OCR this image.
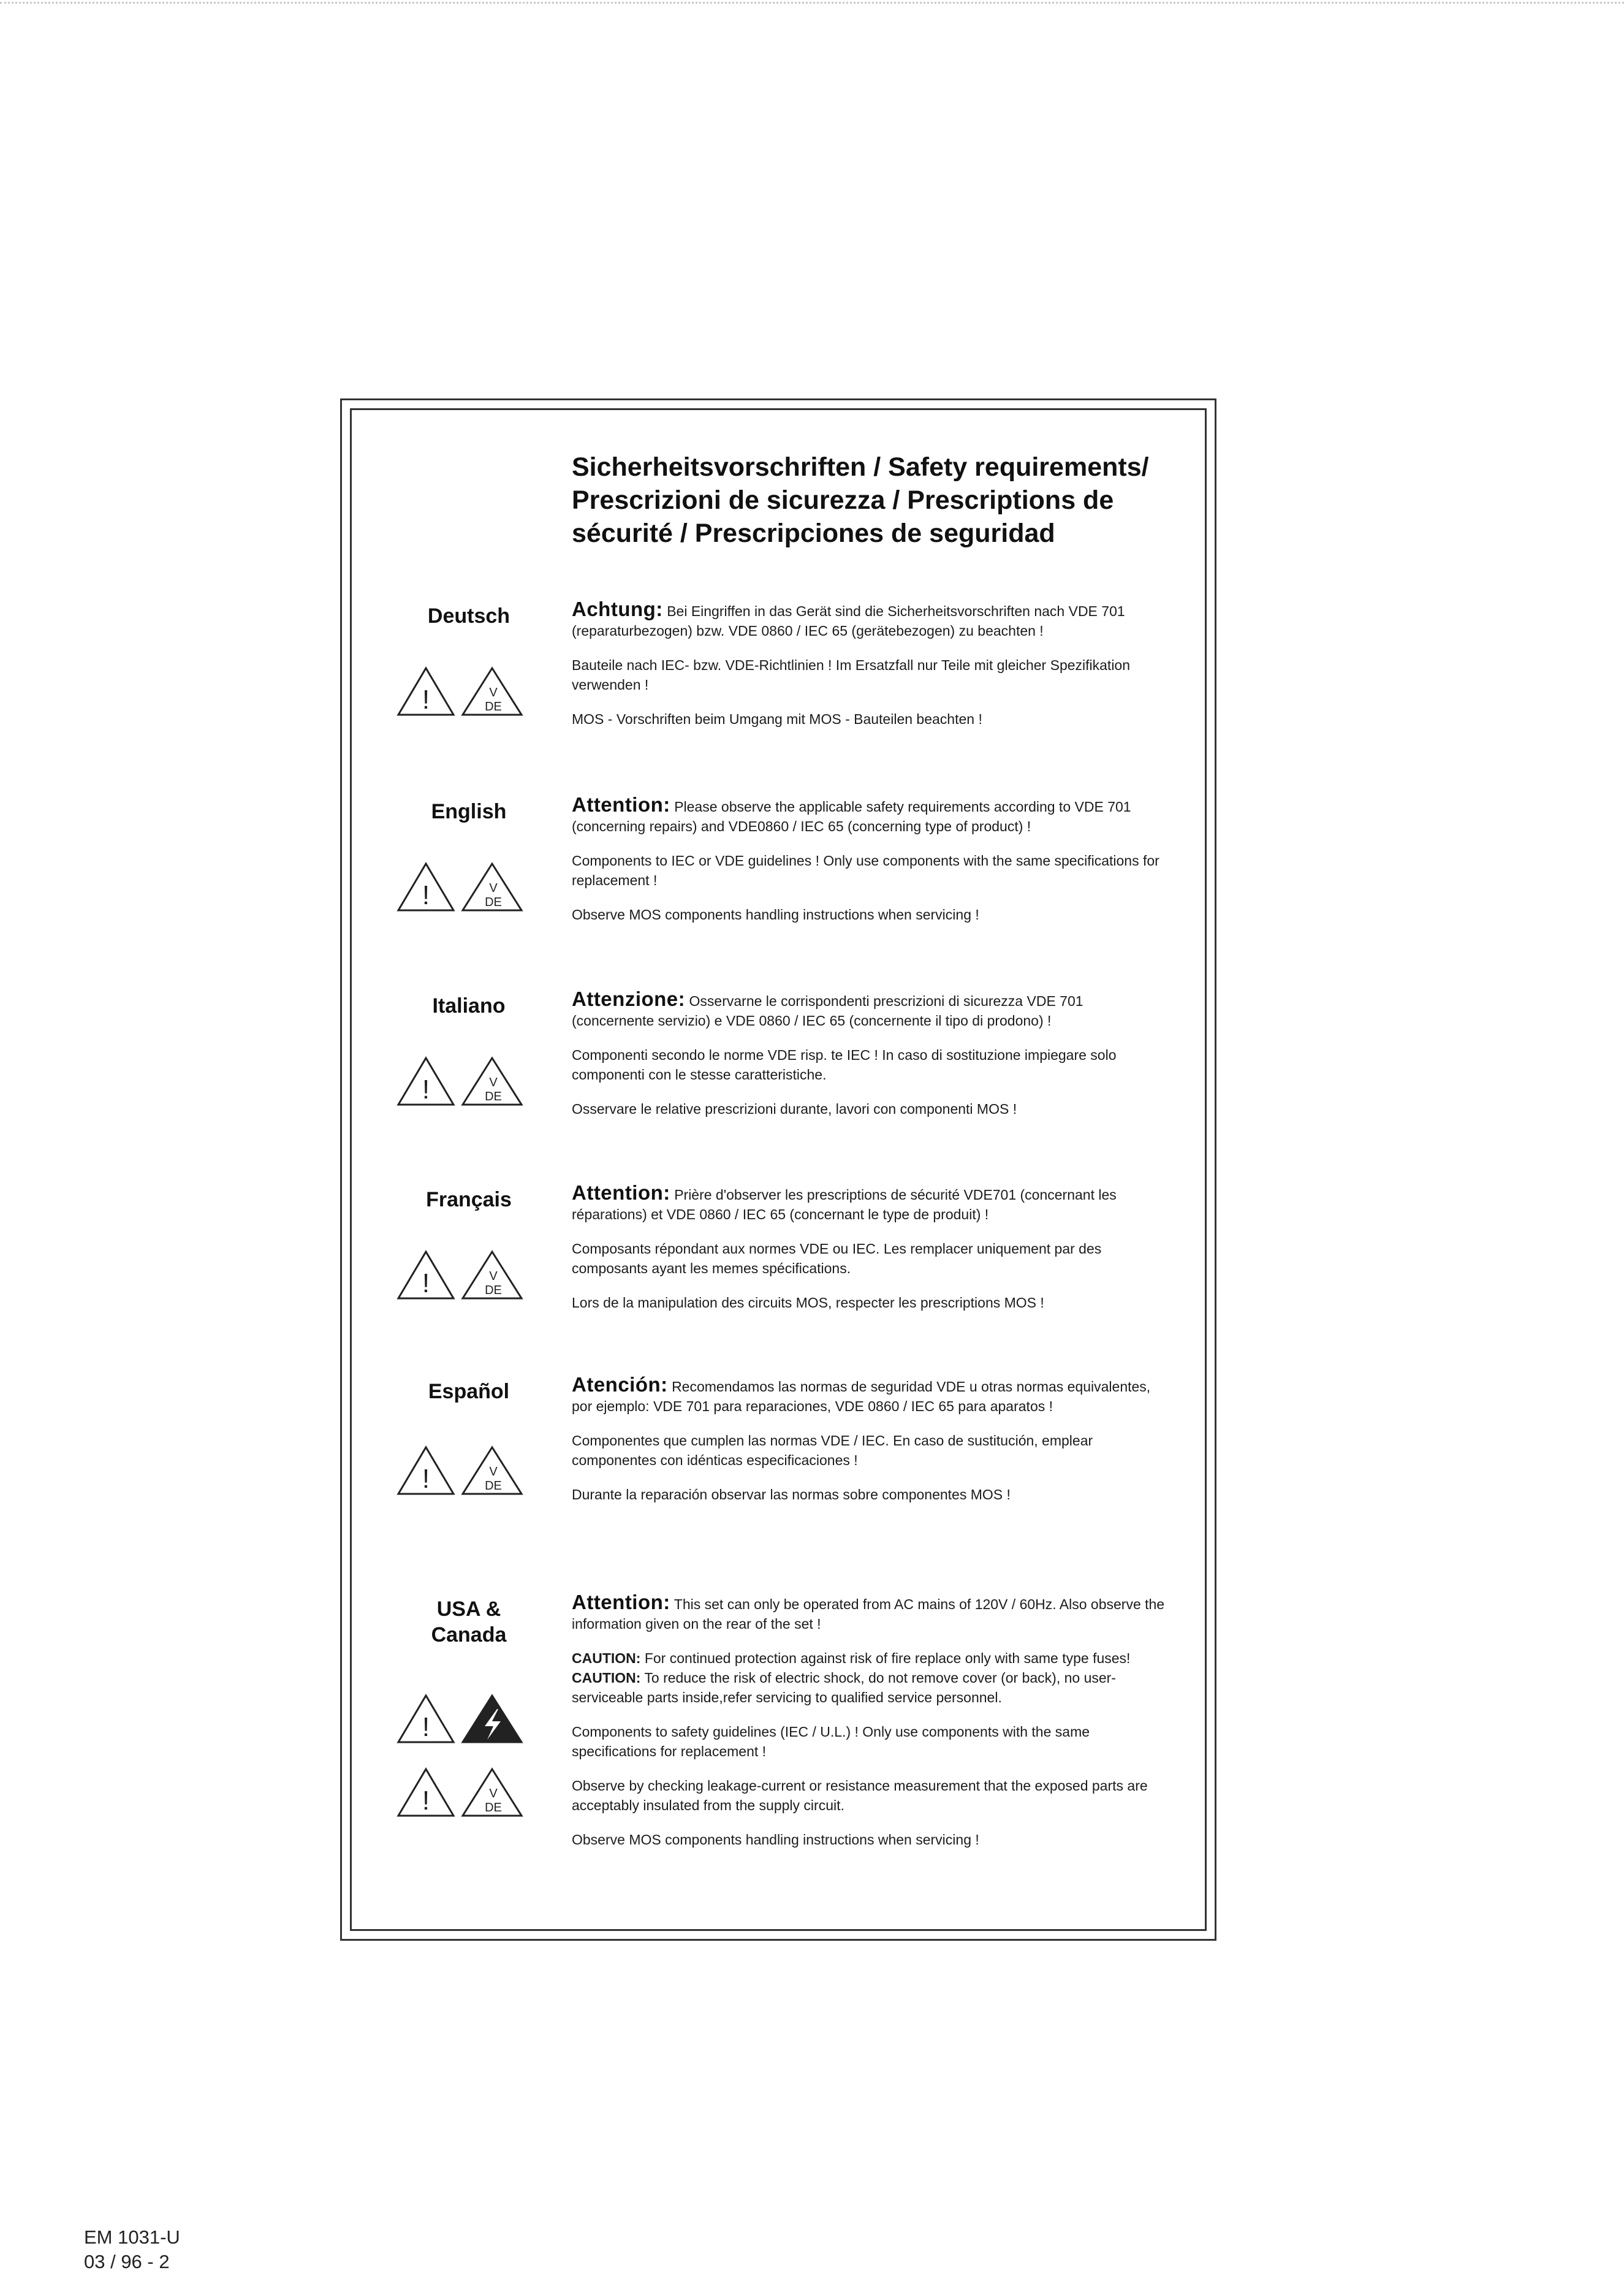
Sicherheitsvorschriften / Safety requirements/ Prescrizioni de sicurezza / Prescriptions de sécurité / Prescripciones de seguridad
Deutsch
!	V
DE

Achtung: Bei Eingriffen in das Gerät sind die Sicherheitsvorschriften nach VDE 701 (reparaturbezogen) bzw. VDE 0860 / IEC 65 (gerätebezogen) zu beachten !

Bauteile nach IEC- bzw. VDE-Richtlinien ! Im Ersatzfall nur Teile mit gleicher Spezifikation verwenden !

MOS - Vorschriften beim Umgang mit MOS - Bauteilen beachten !

English
!	V
DE

Attention: Please observe the applicable safety requirements according to VDE 701 (concerning repairs) and VDE0860 / IEC 65 (concerning type of product) !

Components to IEC or VDE guidelines ! Only use components with the same specifications for replacement !

Observe MOS components handling instructions when servicing !

Italiano
!	V
DE

Attenzione: Osservarne le corrispondenti prescrizioni di sicurezza VDE 701 (concernente servizio) e VDE 0860 / IEC 65 (concernente il tipo di prodono) !

Componenti secondo le norme VDE risp. te IEC ! In caso di sostituzione impiegare solo componenti con le stesse caratteristiche.

Osservare le relative prescrizioni durante, lavori con componenti MOS !

Français
!	V
DE

Attention: Prière d'observer les prescriptions de sécurité VDE701 (concernant les réparations) et VDE 0860 / IEC 65 (concernant le type de produit) !

Composants répondant aux normes VDE ou IEC. Les remplacer uniquement par des composants ayant les memes spécifications.

Lors de la manipulation des circuits MOS, respecter les prescriptions MOS !

Español
!	V
DE

Atención: Recomendamos las normas de seguridad VDE u otras normas equivalentes, por ejemplo: VDE 701 para reparaciones, VDE 0860 / IEC 65 para aparatos !

Componentes que cumplen las normas VDE / IEC. En caso de sustitución, emplear componentes con idénticas especificaciones !

Durante la reparación observar las normas sobre componentes MOS !

USA &
Canada
!
!	V
DE

Attention: This set can only be operated from AC mains of 120V / 60Hz. Also observe the information given on the rear of the set !

CAUTION: For continued protection against risk of fire replace only with same type fuses!

CAUTION: To reduce the risk of electric shock, do not remove cover (or back), no user-serviceable parts inside,refer servicing to qualified service personnel.

Components to safety guidelines (IEC / U.L.) ! Only use components with the same specifications for replacement !

Observe by checking leakage-current or resistance measurement that the exposed parts are acceptably insulated from the supply circuit.

Observe MOS components handling instructions when servicing !

EM 1031-U
03 / 96 - 2
